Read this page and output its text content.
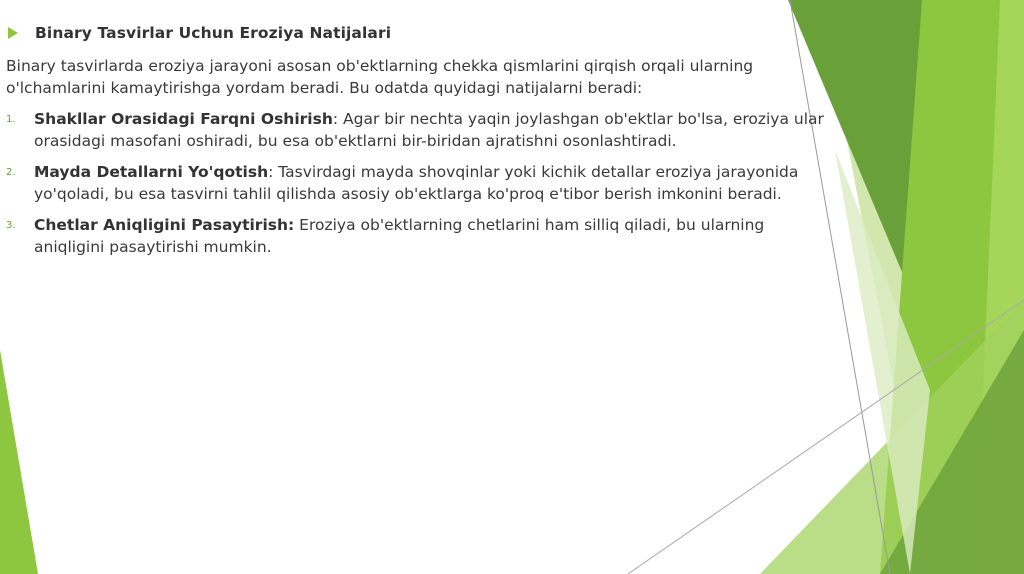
Binary Tasvirlar Uchun Eroziya Natijalari
Binary tasvirlarda eroziya jarayoni asosan ob'ektlarning chekka qismlarini qirqish orqali ularning o'lchamlarini kamaytirishga yordam beradi. Bu odatda quyidagi natijalarni beradi:
1.	Shakllar Orasidagi Farqni Oshirish: Agar bir nechta yaqin joylashgan ob'ektlar bo'lsa, eroziya ular orasidagi masofani oshiradi, bu esa ob'ektlarni bir-biridan ajratishni osonlashtiradi.
2.	Mayda Detallarni Yo'qotish: Tasvirdagi mayda shovqinlar yoki kichik detallar eroziya jarayonida yo'qoladi, bu esa tasvirni tahlil qilishda asosiy ob'ektlarga ko'proq e'tibor berish imkonini beradi.
3.	Chetlar Aniqligini Pasaytirish: Eroziya ob'ektlarning chetlarini ham silliq qiladi, bu ularning aniqligini pasaytirishi mumkin.
